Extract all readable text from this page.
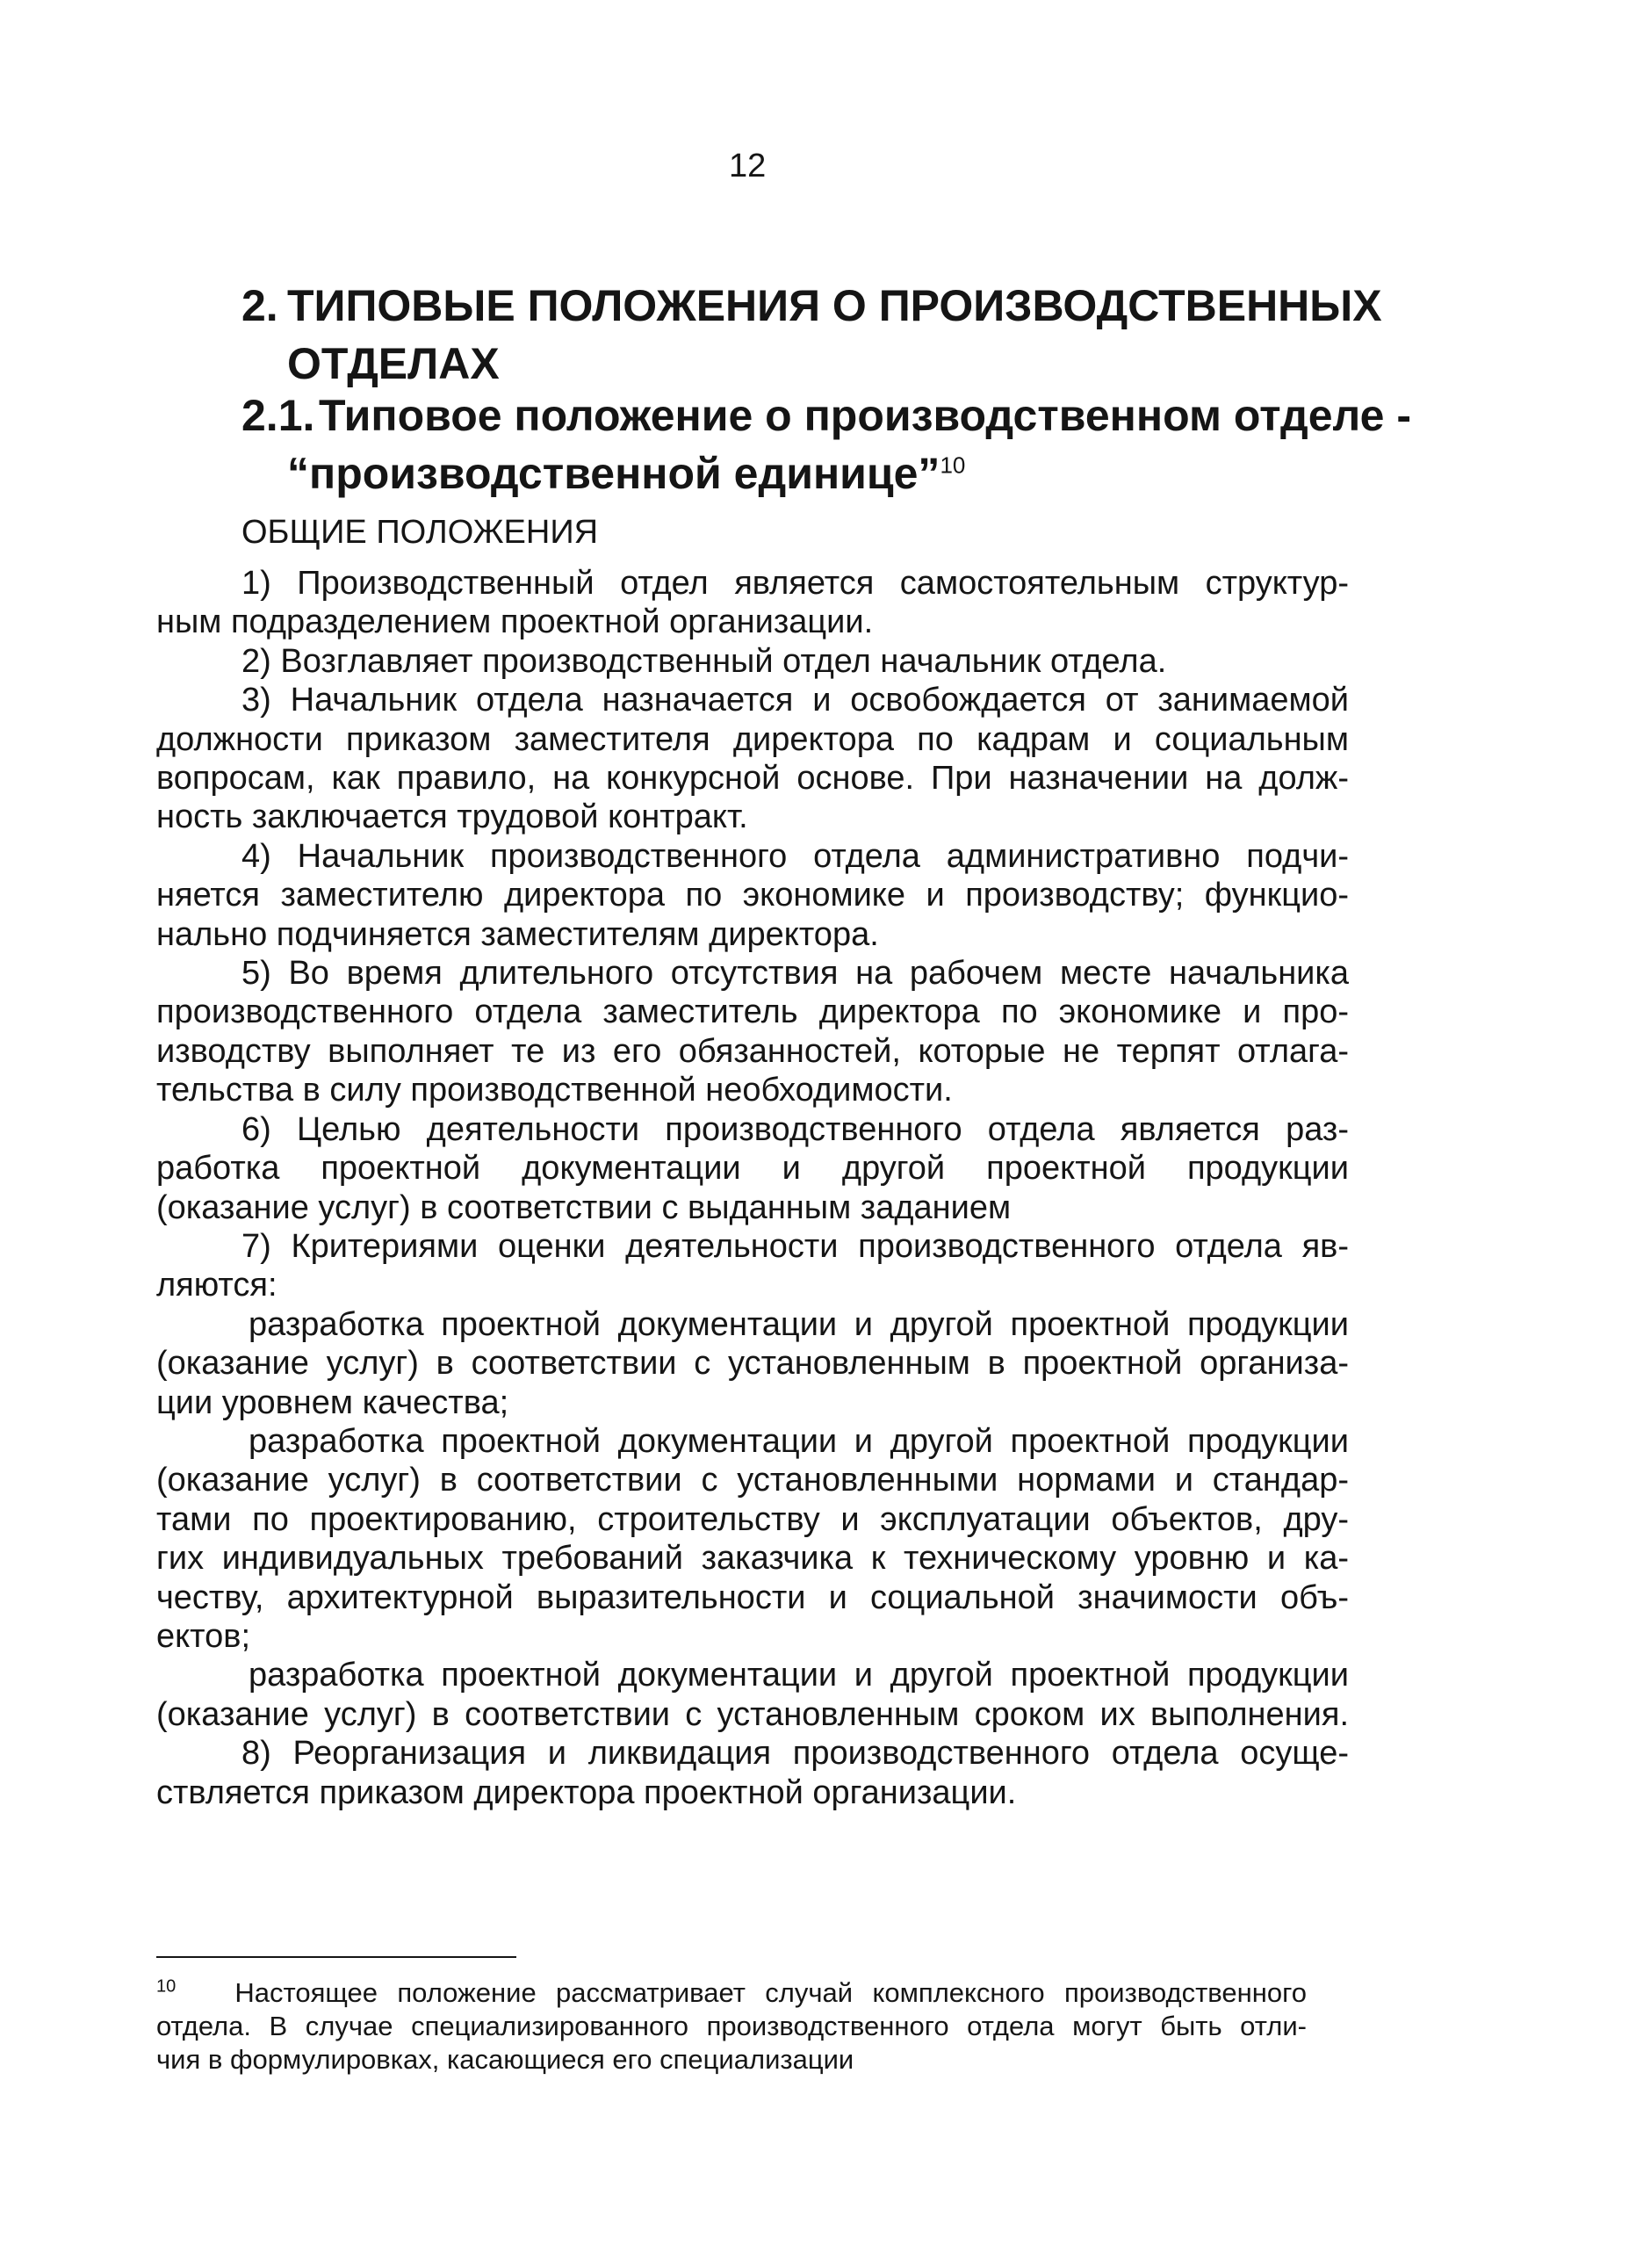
12
2. ТИПОВЫЕ ПОЛОЖЕНИЯ О ПРОИЗВОДСТВЕННЫХ
ОТДЕЛАХ
2.1.Типовое положение о производственном отделе -
“производственной единице”$^{10}$
ОБЩИЕ ПОЛОЖЕНИЯ
1) Производственный отдел является самостоятельным структур-
ным подразделением проектной организации.
2) Возглавляет производственный отдел начальник отдела.
3) Начальник отдела назначается и освобождается от занимаемой
должности приказом заместителя директора по кадрам и социальным
вопросам, как правило, на конкурсной основе. При назначении на долж-
ность заключается трудовой контракт.
4) Начальник производственного отдела административно подчи-
няется заместителю директора по экономике и производству; функцио-
нально подчиняется заместителям директора.
5) Во время длительного отсутствия на рабочем месте начальника
производственного отдела заместитель директора по экономике и про-
изводству выполняет те из его обязанностей, которые не терпят отлага-
тельства в силу производственной необходимости.
6) Целью деятельности производственного отдела является раз-
работка проектной документации и другой проектной продукции
(оказание услуг) в соответствии с выданным заданием
7) Критериями оценки деятельности производственного отдела яв-
ляются:
разработка проектной документации и другой проектной продукции
(оказание услуг) в соответствии с установленным в проектной организа-
ции уровнем качества;
разработка проектной документации и другой проектной продукции
(оказание услуг) в соответствии с установленными нормами и стандар-
тами по проектированию, строительству и эксплуатации объектов, дру-
гих индивидуальных требований заказчика к техническому уровню и ка-
честву, архитектурной выразительности и социальной значимости объ-
ектов;
разработка проектной документации и другой проектной продукции
(оказание услуг) в соответствии с установленным сроком их выполнения.
8) Реорганизация и ликвидация производственного отдела осуще-
ствляется приказом директора проектной организации.
$^{10}$ Настоящее положение рассматривает случай комплексного производственного
отдела. В случае специализированного производственного отдела могут быть отли-
чия в формулировках, касающиеся его специализации
